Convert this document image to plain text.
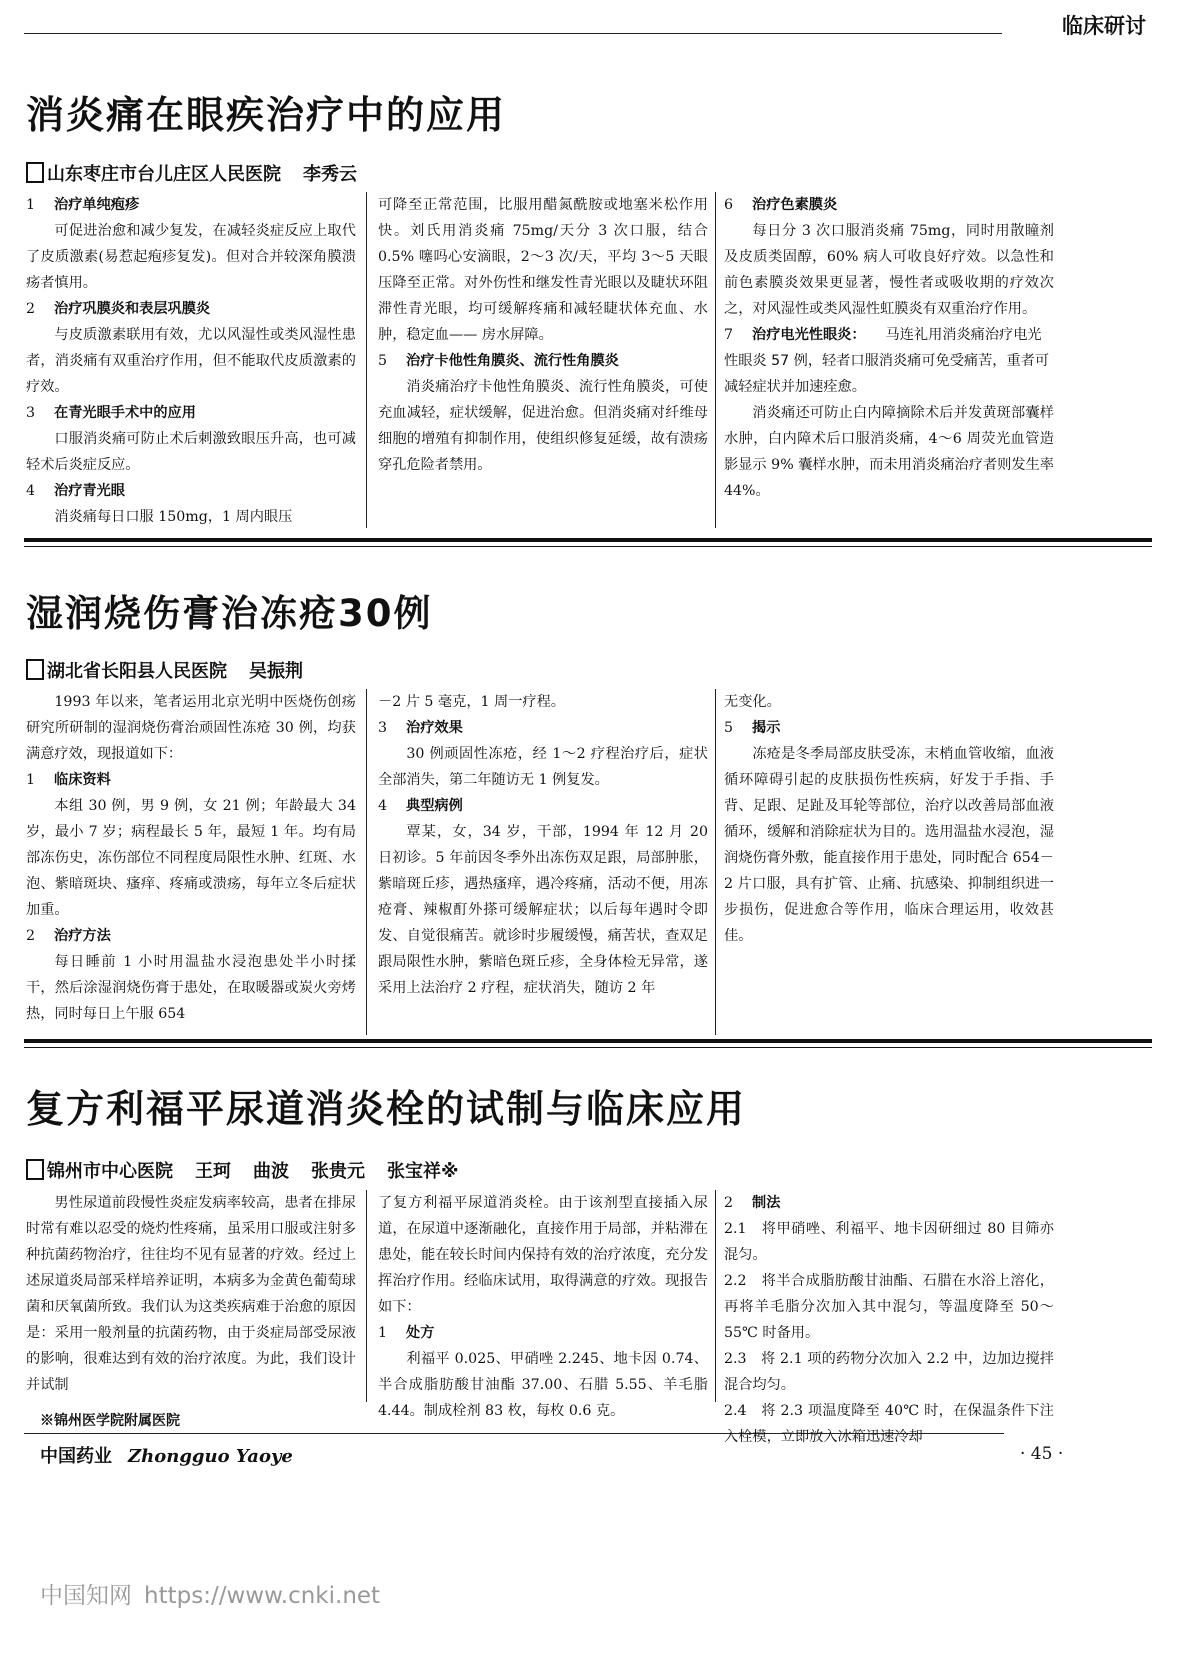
临床研讨
消炎痛在眼疾治疗中的应用
山东枣庄市台儿庄区人民医院 李秀云
1 治疗单纯疱疹

可促进治愈和减少复发，在减轻炎症反应上取代了皮质激素(易惹起疱疹复发)。但对合并较深角膜溃疡者慎用。

2 治疗巩膜炎和表层巩膜炎

与皮质激素联用有效，尤以风湿性或类风湿性患者，消炎痛有双重治疗作用，但不能取代皮质激素的疗效。

3 在青光眼手术中的应用

口服消炎痛可防止术后刺激致眼压升高，也可减轻术后炎症反应。

4 治疗青光眼

消炎痛每日口服 150mg，1 周内眼压

可降至正常范围，比服用醋氮酰胺或地塞米松作用快。刘氏用消炎痛 75mg/天分 3 次口服，结合 0.5% 噻吗心安滴眼，2～3 次/天，平均 3～5 天眼压降至正常。对外伤性和继发性青光眼以及睫状环阻滞性青光眼，均可缓解疼痛和减轻睫状体充血、水肿，稳定血—— 房水屏障。

5 治疗卡他性角膜炎、流行性角膜炎

消炎痛治疗卡他性角膜炎、流行性角膜炎，可使充血减轻，症状缓解，促进治愈。但消炎痛对纤维母细胞的增殖有抑制作用，使组织修复延缓，故有溃疡穿孔危险者禁用。

6 治疗色素膜炎

每日分 3 次口服消炎痛 75mg，同时用散瞳剂及皮质类固醇，60% 病人可收良好疗效。以急性和前色素膜炎效果更显著，慢性者或吸收期的疗效次之，对风湿性或类风湿性虹膜炎有双重治疗作用。

7 治疗电光性眼炎： 马连礼用消炎痛治疗电光性眼炎 57 例，轻者口服消炎痛可免受痛苦，重者可减轻症状并加速痊愈。

消炎痛还可防止白内障摘除术后并发黄斑部囊样水肿，白内障术后口服消炎痛，4～6 周荧光血管造影显示 9% 囊样水肿，而未用消炎痛治疗者则发生率 44%。

湿润烧伤膏治冻疮30例
湖北省长阳县人民医院 吴振荆

1993 年以来，笔者运用北京光明中医烧伤创疡研究所研制的湿润烧伤膏治顽固性冻疮 30 例，均获满意疗效，现报道如下：

1 临床资料

本组 30 例，男 9 例，女 21 例；年龄最大 34 岁，最小 7 岁；病程最长 5 年，最短 1 年。均有局部冻伤史，冻伤部位不同程度局限性水肿、红斑、水泡、紫暗斑块、瘙痒、疼痛或溃疡，每年立冬后症状加重。

2 治疗方法

每日睡前 1 小时用温盐水浸泡患处半小时揉干，然后涂湿润烧伤膏于患处，在取暖器或炭火旁烤热，同时每日上午服 654

－2 片 5 毫克，1 周一疗程。

3 治疗效果

30 例顽固性冻疮，经 1～2 疗程治疗后，症状全部消失，第二年随访无 1 例复发。

4 典型病例

覃某，女，34 岁，干部，1994 年 12 月 20 日初诊。5 年前因冬季外出冻伤双足跟，局部肿胀，紫暗斑丘疹，遇热瘙痒，遇冷疼痛，活动不便，用冻疮膏、辣椒酊外搽可缓解症状；以后每年遇时令即发、自觉很痛苦。就诊时步履缓慢，痛苦状，查双足跟局限性水肿，紫暗色斑丘疹，全身体检无异常，遂采用上法治疗 2 疗程，症状消失，随访 2 年

无变化。

5 揭示

冻疮是冬季局部皮肤受冻，末梢血管收缩，血液循环障碍引起的皮肤损伤性疾病，好发于手指、手背、足跟、足趾及耳轮等部位，治疗以改善局部血液循环，缓解和消除症状为目的。选用温盐水浸泡，湿润烧伤膏外敷，能直接作用于患处，同时配合 654－2 片口服，具有扩管、止痛、抗感染、抑制组织进一步损伤，促进愈合等作用，临床合理运用，收效甚佳。

复方利福平尿道消炎栓的试制与临床应用
锦州市中心医院 王珂 曲波 张贵元 张宝祥※

男性尿道前段慢性炎症发病率较高，患者在排尿时常有难以忍受的烧灼性疼痛，虽采用口服或注射多种抗菌药物治疗，往往均不见有显著的疗效。经过上述尿道炎局部采样培养证明，本病多为金黄色葡萄球菌和厌氧菌所致。我们认为这类疾病难于治愈的原因是：采用一般剂量的抗菌药物，由于炎症局部受尿液的影响，很难达到有效的治疗浓度。为此，我们设计并试制

了复方利福平尿道消炎栓。由于该剂型直接插入尿道，在尿道中逐渐融化，直接作用于局部，并粘滞在患处，能在较长时间内保持有效的治疗浓度，充分发挥治疗作用。经临床试用，取得满意的疗效。现报告如下：

1 处方

利福平 0.025、甲硝唑 2.245、地卡因 0.74、半合成脂肪酸甘油酯 37.00、石腊 5.55、羊毛脂 4.44。制成栓剂 83 枚，每枚 0.6 克。

2 制法

2.1　将甲硝唑、利福平、地卡因研细过 80 目筛亦混匀。

2.2　将半合成脂肪酸甘油酯、石腊在水浴上溶化，再将羊毛脂分次加入其中混匀，等温度降至 50～55℃ 时备用。

2.3　将 2.1 项的药物分次加入 2.2 中，边加边搅拌混合均匀。

2.4　将 2.3 项温度降至 40℃ 时，在保温条件下注入栓模，立即放入冰箱迅速冷却

※锦州医学院附属医院
中国药业 Zhongguo Yaoye	· 45 ·
中国知网 https://www.cnki.net
